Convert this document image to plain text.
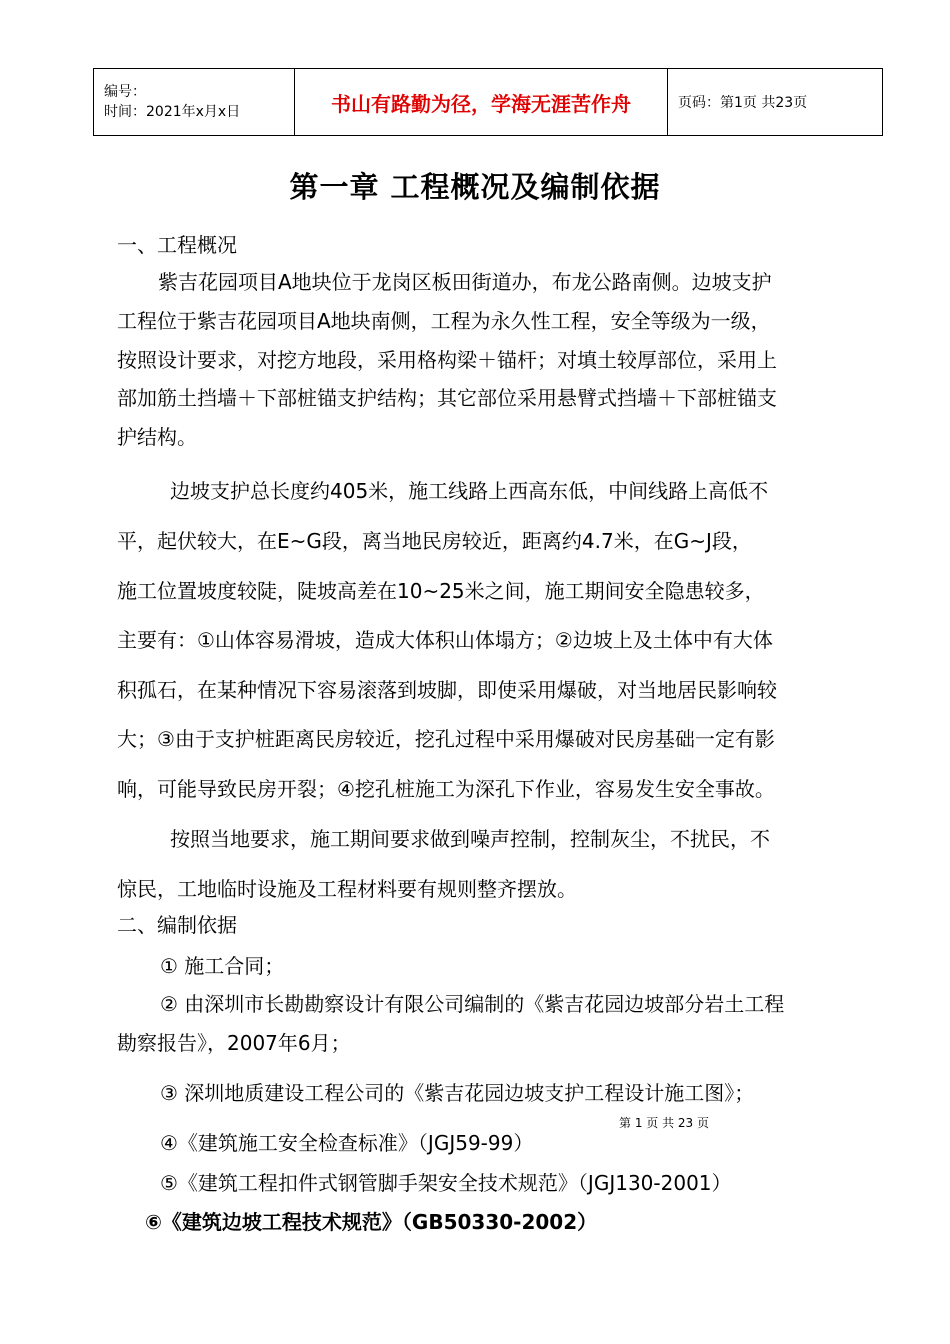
编号：
时间：2021年x月x日	书山有路勤为径，学海无涯苦作舟	页码：第1页 共23页
第一章 工程概况及编制依据
一、工程概况
紫吉花园项目A地块位于龙岗区板田街道办，布龙公路南侧。边坡支护
工程位于紫吉花园项目A地块南侧，工程为永久性工程，安全等级为一级，
按照设计要求，对挖方地段，采用格构梁＋锚杆；对填土较厚部位，采用上
部加筋土挡墙＋下部桩锚支护结构；其它部位采用悬臂式挡墙＋下部桩锚支
护结构。
边坡支护总长度约405米，施工线路上西高东低，中间线路上高低不
平，起伏较大，在E~G段，离当地民房较近，距离约4.7米，在G~J段，
施工位置坡度较陡，陡坡高差在10~25米之间，施工期间安全隐患较多，
主要有：①山体容易滑坡，造成大体积山体塌方；②边坡上及土体中有大体
积孤石，在某种情况下容易滚落到坡脚，即使采用爆破，对当地居民影响较
大；③由于支护桩距离民房较近，挖孔过程中采用爆破对民房基础一定有影
响，可能导致民房开裂；④挖孔桩施工为深孔下作业，容易发生安全事故。
按照当地要求，施工期间要求做到噪声控制，控制灰尘，不扰民，不
惊民，工地临时设施及工程材料要有规则整齐摆放。
二、编制依据
① 施工合同；
② 由深圳市长勘勘察设计有限公司编制的《紫吉花园边坡部分岩土工程
勘察报告》，2007年6月；
③ 深圳地质建设工程公司的《紫吉花园边坡支护工程设计施工图》；
第 1 页 共 23 页
④《建筑施工安全检查标准》（JGJ59-99）
⑤《建筑工程扣件式钢管脚手架安全技术规范》（JGJ130-2001）
⑥《建筑边坡工程技术规范》（GB50330-2002）
